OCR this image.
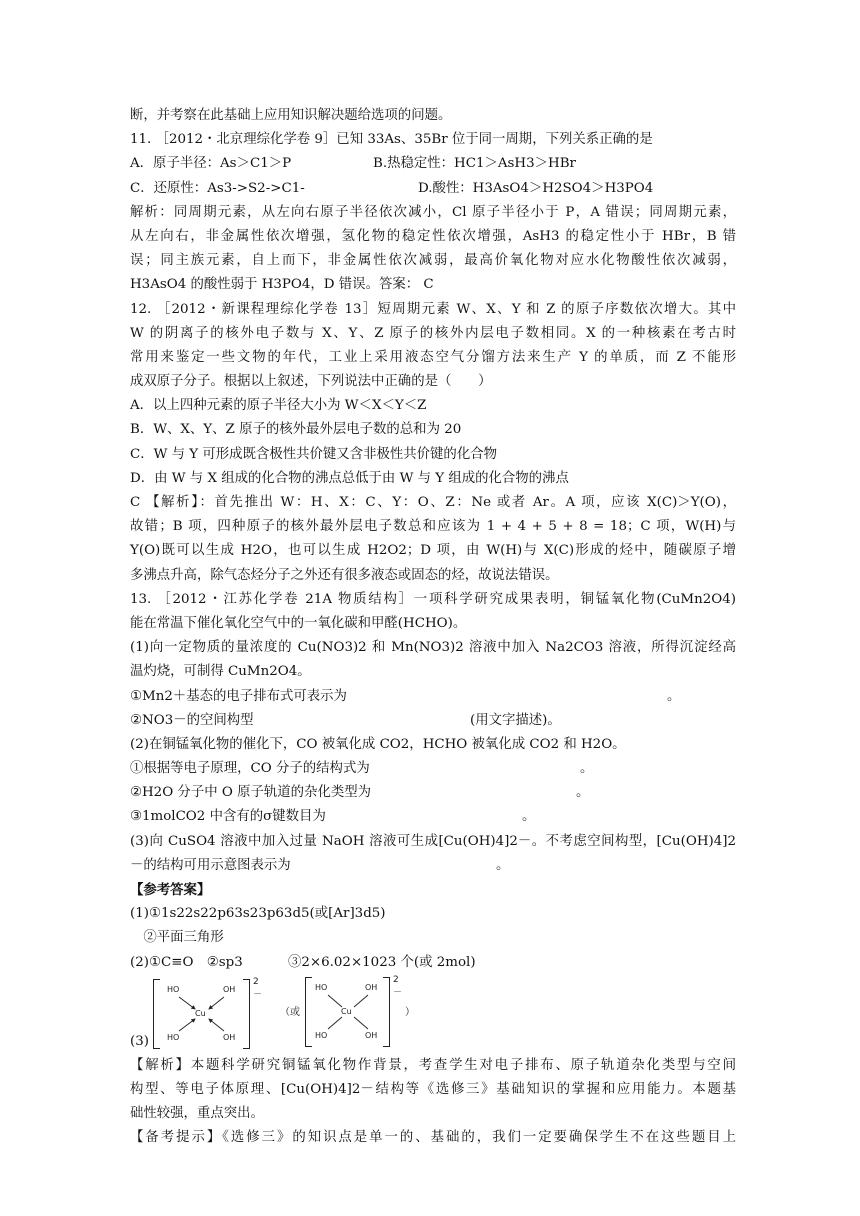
断，并考察在此基础上应用知识解决题给选项的问题。
11. ［2012・北京理综化学卷 9］已知 33As、35Br 位于同一周期，下列关系正确的是
A．原子半径：As＞C1＞P	B.热稳定性：HC1＞AsH3＞HBr
C．还原性：As3->S2->C1-	D.酸性：H3AsO4＞H2SO4＞H3PO4
解析：同周期元素，从左向右原子半径依次减小，Cl 原子半径小于 P，A 错误；同周期元素，
从左向右，非金属性依次增强，氢化物的稳定性依次增强，AsH3 的稳定性小于 HBr，B 错
误；同主族元素，自上而下，非金属性依次减弱，最高价氧化物对应水化物酸性依次减弱，
H3AsO4 的酸性弱于 H3PO4，D 错误。答案： C
12. ［2012・新课程理综化学卷 13］短周期元素 W、X、Y 和 Z 的原子序数依次增大。其中
W 的阴离子的核外电子数与 X、Y、Z 原子的核外内层电子数相同。X 的一种核素在考古时
常用来鉴定一些文物的年代，工业上采用液态空气分馏方法来生产 Y 的单质，而 Z 不能形
成双原子分子。根据以上叙述，下列说法中正确的是（　　）
A．以上四种元素的原子半径大小为 W＜X＜Y＜Z
B．W、X、Y、Z 原子的核外最外层电子数的总和为 20
C．W 与 Y 可形成既含极性共价键又含非极性共价键的化合物
D．由 W 与 X 组成的化合物的沸点总低于由 W 与 Y 组成的化合物的沸点
C 【解析】：首先推出 W：H、X：C、Y：O、Z：Ne 或者 Ar。A 项，应该 X(C)＞Y(O)，
故错；B 项，四种原子的核外最外层电子数总和应该为 1 + 4 + 5 + 8 = 18；C 项，W(H)与
Y(O)既可以生成 H2O，也可以生成 H2O2；D 项，由 W(H)与 X(C)形成的烃中，随碳原子增
多沸点升高，除气态烃分子之外还有很多液态或固态的烃，故说法错误。
13. ［2012・江苏化学卷 21A 物质结构］一项科学研究成果表明，铜锰氧化物(CuMn2O4)
能在常温下催化氧化空气中的一氧化碳和甲醛(HCHO)。
(1)向一定物质的量浓度的 Cu(NO3)2 和 Mn(NO3)2 溶液中加入 Na2CO3 溶液，所得沉淀经高
温灼烧，可制得 CuMn2O4。
①Mn2＋基态的电子排布式可表示为	。
②NO3－的空间构型	(用文字描述)。
(2)在铜锰氧化物的催化下，CO 被氧化成 CO2，HCHO 被氧化成 CO2 和 H2O。
①根据等电子原理，CO 分子的结构式为	。
②H2O 分子中 O 原子轨道的杂化类型为	。
③1molCO2 中含有的σ键数目为	。
(3)向 CuSO4 溶液中加入过量 NaOH 溶液可生成[Cu(OH)4]2－。不考虑空间构型，[Cu(OH)4]2
－的结构可用示意图表示为	。
【参考答案】
(1)①1s22s22p63s23p63d5(或[Ar]3d5)
　②平面三角形
(2)①C≡O　②sp3	③2×6.02×1023 个(或 2mol)
(3)
HO	OH
Cu
HO	OH
2－
（或
HO	OH
Cu
HO	OH
2－
）
【解析】本题科学研究铜锰氧化物作背景，考查学生对电子排布、原子轨道杂化类型与空间
构型、等电子体原理、[Cu(OH)4]2－结构等《选修三》基础知识的掌握和应用能力。本题基
础性较强，重点突出。
【备考提示】《选修三》的知识点是单一的、基础的，我们一定要确保学生不在这些题目上
